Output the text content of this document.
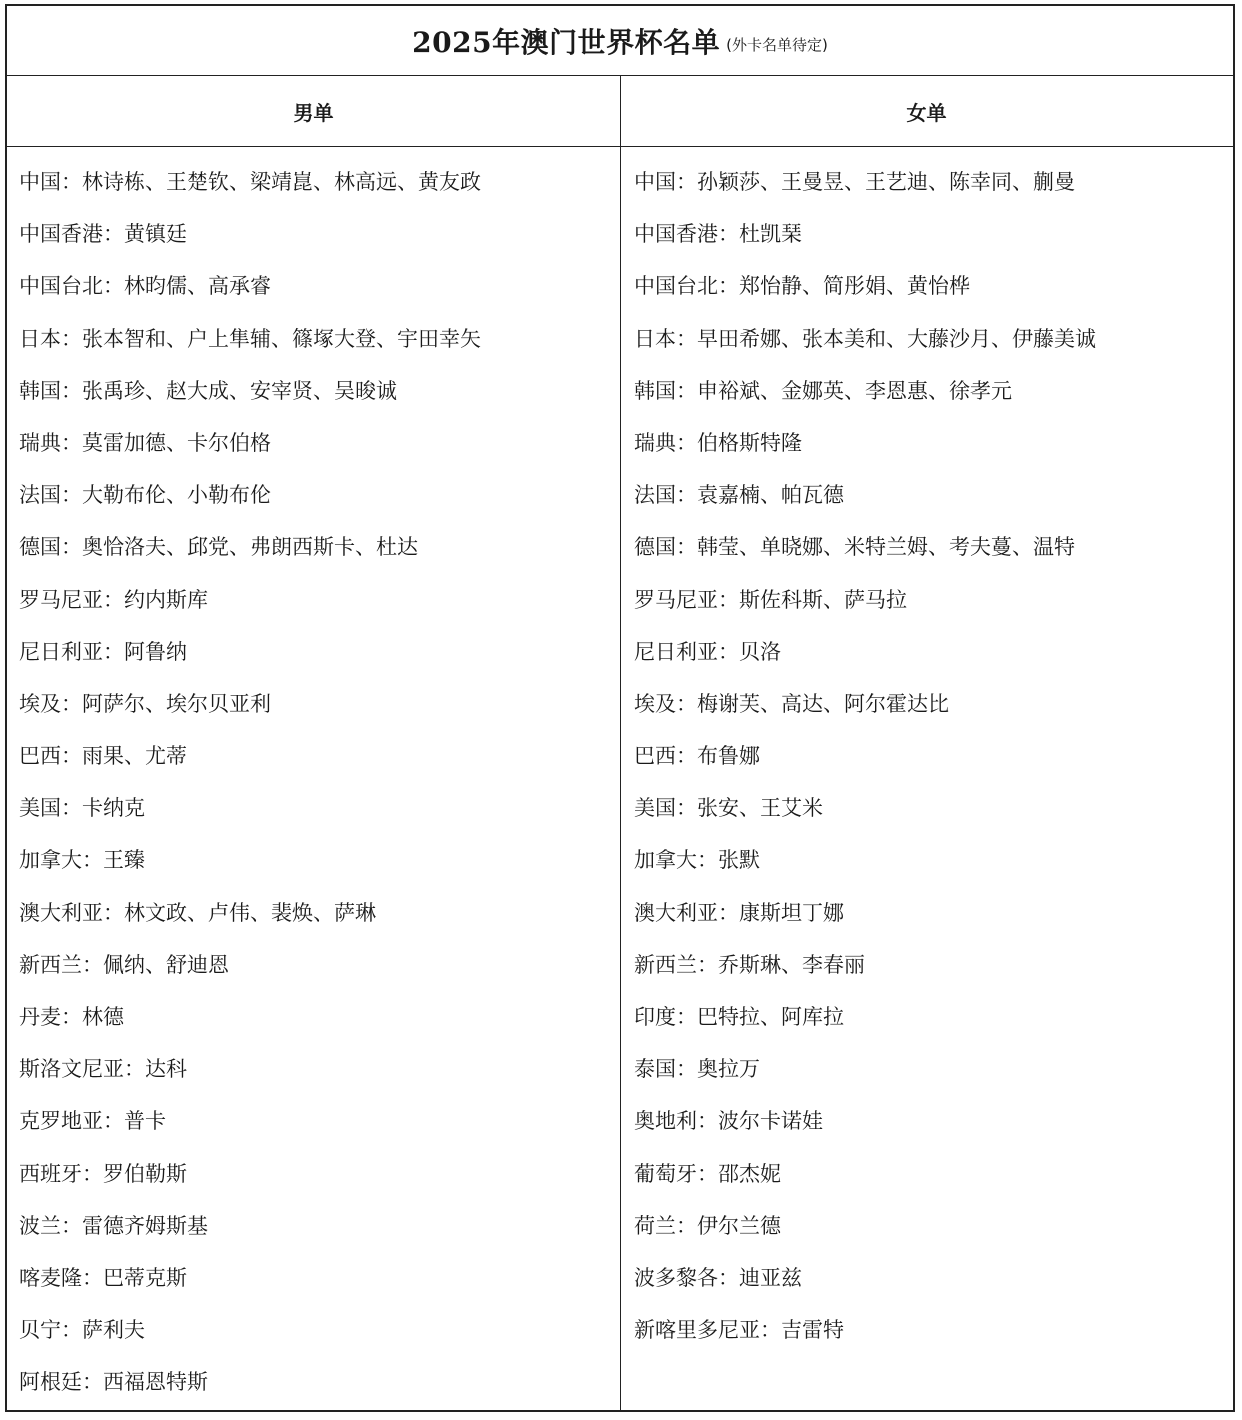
2025年澳门世界杯名单 (外卡名单待定)
男单	女单
中国：林诗栋、王楚钦、梁靖崑、林高远、黄友政
中国香港：黄镇廷
中国台北：林昀儒、高承睿
日本：张本智和、户上隼辅、篠塚大登、宇田幸矢
韩国：张禹珍、赵大成、安宰贤、吴晙诚
瑞典：莫雷加德、卡尔伯格
法国：大勒布伦、小勒布伦
德国：奥恰洛夫、邱党、弗朗西斯卡、杜达
罗马尼亚：约内斯库
尼日利亚：阿鲁纳
埃及：阿萨尔、埃尔贝亚利
巴西：雨果、尤蒂
美国：卡纳克
加拿大：王臻
澳大利亚：林文政、卢伟、裴焕、萨琳
新西兰：佩纳、舒迪恩
丹麦：林德
斯洛文尼亚：达科
克罗地亚：普卡
西班牙：罗伯勒斯
波兰：雷德齐姆斯基
喀麦隆：巴蒂克斯
贝宁：萨利夫
阿根廷：西福恩特斯
中国：孙颖莎、王曼昱、王艺迪、陈幸同、蒯曼
中国香港：杜凯琹
中国台北：郑怡静、简彤娟、黄怡桦
日本：早田希娜、张本美和、大藤沙月、伊藤美诚
韩国：申裕斌、金娜英、李恩惠、徐孝元
瑞典：伯格斯特隆
法国：袁嘉楠、帕瓦德
德国：韩莹、单晓娜、米特兰姆、考夫蔓、温特
罗马尼亚：斯佐科斯、萨马拉
尼日利亚：贝洛
埃及：梅谢芙、高达、阿尔霍达比
巴西：布鲁娜
美国：张安、王艾米
加拿大：张默
澳大利亚：康斯坦丁娜
新西兰：乔斯琳、李春丽
印度：巴特拉、阿库拉
泰国：奥拉万
奥地利：波尔卡诺娃
葡萄牙：邵杰妮
荷兰：伊尔兰德
波多黎各：迪亚兹
新喀里多尼亚：吉雷特
